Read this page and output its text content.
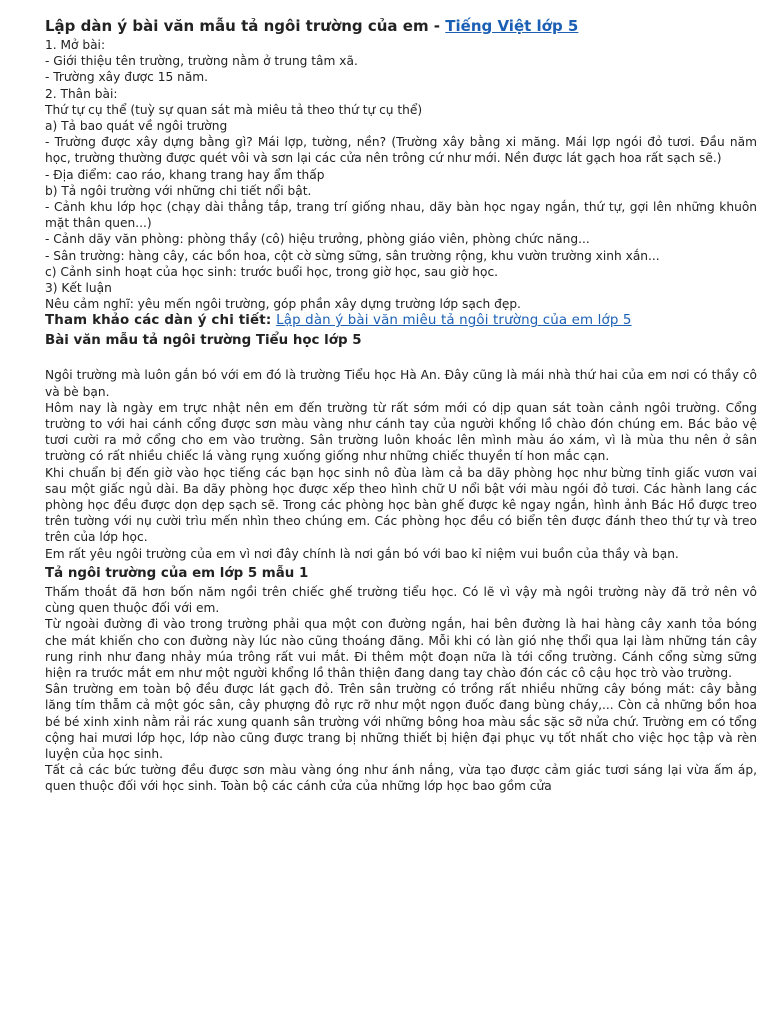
Lập dàn ý bài văn mẫu tả ngôi trường của em - Tiếng Việt lớp 5
1. Mở bài:
- Giới thiệu tên trường, trường nằm ở trung tâm xã.
- Trường xây được 15 năm.
2. Thân bài:
Thứ tự cụ thể (tuỳ sự quan sát mà miêu tả theo thứ tự cụ thể)
a) Tả bao quát về ngôi trường
- Trường được xây dựng bằng gì? Mái lợp, tường, nền? (Trường xây bằng xi măng. Mái lợp ngói đỏ tươi. Đầu năm học, trường thường được quét vôi và sơn lại các cửa nên trông cứ như mới. Nền được lát gạch hoa rất sạch sẽ.)
- Địa điểm: cao ráo, khang trang hay ẩm thấp
b) Tả ngôi trường với những chi tiết nổi bật.
- Cảnh khu lớp học (chạy dài thẳng tắp, trang trí giống nhau, dãy bàn học ngay ngắn, thứ tự, gợi lên những khuôn mặt thân quen...)
- Cảnh dãy văn phòng: phòng thầy (cô) hiệu trưởng, phòng giáo viên, phòng chức năng...
- Sân trường: hàng cây, các bồn hoa, cột cờ sừng sững, sân trường rộng, khu vườn trường xinh xắn...
c) Cảnh sinh hoạt của học sinh: trước buổi học, trong giờ học, sau giờ học.
3) Kết luận
Nêu cảm nghĩ: yêu mến ngôi trường, góp phần xây dựng trường lớp sạch đẹp.
Tham khảo các dàn ý chi tiết: Lập dàn ý bài văn miêu tả ngôi trường của em lớp 5
Bài văn mẫu tả ngôi trường Tiểu học lớp 5
Ngôi trường mà luôn gắn bó với em đó là trường Tiểu học Hà An. Đây cũng là mái nhà thứ hai của em nơi có thầy cô và bè bạn.
Hôm nay là ngày em trực nhật nên em đến trường từ rất sớm mới có dịp quan sát toàn cảnh ngôi trường. Cổng trường to với hai cánh cổng được sơn màu vàng như cánh tay của người khổng lồ chào đón chúng em. Bác bảo vệ tươi cười ra mở cổng cho em vào trường. Sân trường luôn khoác lên mình màu áo xám, vì là mùa thu nên ở sân trường có rất nhiều chiếc lá vàng rụng xuống giống như những chiếc thuyền tí hon mắc cạn.
Khi chuẩn bị đến giờ vào học tiếng các bạn học sinh nô đùa làm cả ba dãy phòng học như bừng tỉnh giấc vươn vai sau một giấc ngủ dài. Ba dãy phòng học được xếp theo hình chữ U nổi bật với màu ngói đỏ tươi. Các hành lang các phòng học đều được dọn dẹp sạch sẽ. Trong các phòng học bàn ghế được kê ngay ngắn, hình ảnh Bác Hồ được treo trên tường với nụ cười trìu mến nhìn theo chúng em. Các phòng học đều có biển tên được đánh theo thứ tự và treo trên của lớp học.
Em rất yêu ngôi trường của em vì nơi đây chính là nơi gắn bó với bao kỉ niệm vui buồn của thầy và bạn.
Tả ngôi trường của em lớp 5 mẫu 1
Thấm thoắt đã hơn bốn năm ngồi trên chiếc ghế trường tiểu học. Có lẽ vì vậy mà ngôi trường này đã trở nên vô cùng quen thuộc đối với em.
Từ ngoài đường đi vào trong trường phải qua một con đường ngắn, hai bên đường là hai hàng cây xanh tỏa bóng che mát khiến cho con đường này lúc nào cũng thoáng đãng. Mỗi khi có làn gió nhẹ thổi qua lại làm những tán cây rung rinh như đang nhảy múa trông rất vui mắt. Đi thêm một đoạn nữa là tới cổng trường. Cánh cổng sừng sững hiện ra trước mắt em như một người khổng lồ thân thiện đang dang tay chào đón các cô cậu học trò vào trường.
Sân trường em toàn bộ đều được lát gạch đỏ. Trên sân trường có trồng rất nhiều những cây bóng mát: cây bằng lăng tím thẫm cả một góc sân, cây phượng đỏ rực rỡ như một ngọn đuốc đang bùng cháy,... Còn cả những bồn hoa bé bé xinh xinh nằm rải rác xung quanh sân trường với những bông hoa màu sắc sặc sỡ nửa chứ. Trường em có tổng cộng hai mươi lớp học, lớp nào cũng được trang bị những thiết bị hiện đại phục vụ tốt nhất cho việc học tập và rèn luyện của học sinh.
Tất cả các bức tường đều được sơn màu vàng óng như ánh nắng, vừa tạo được cảm giác tươi sáng lại vừa ấm áp, quen thuộc đối với học sinh. Toàn bộ các cánh cửa của những lớp học bao gồm cửa
